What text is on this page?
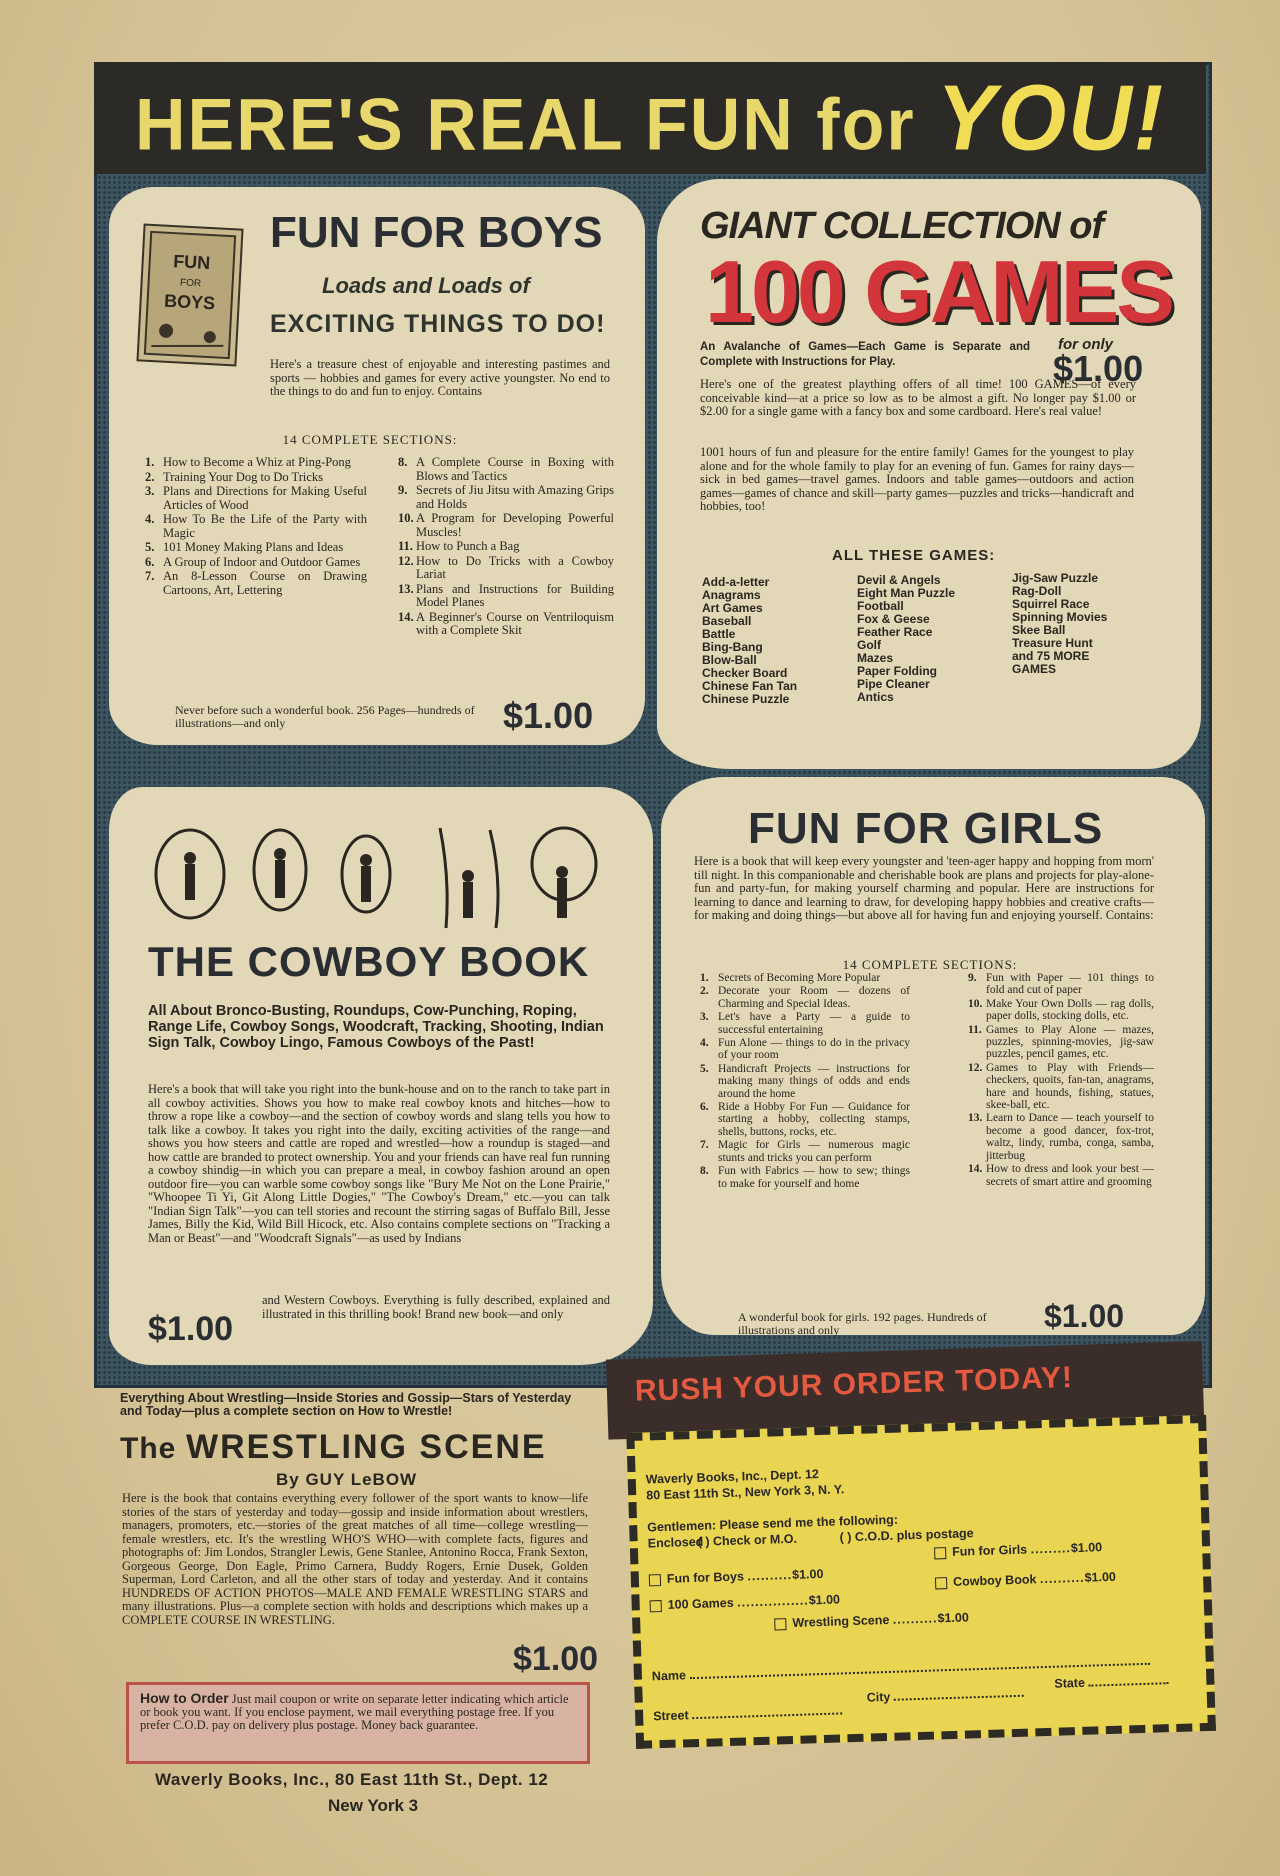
HERE'S REAL FUN for YOU!
FUN
FOR
BOYS
FUN FOR BOYS
Loads and Loads of
EXCITING THINGS TO DO!
Here's a treasure chest of enjoyable and interesting pastimes and sports — hobbies and games for every active youngster. No end to the things to do and fun to enjoy. Contains
14 COMPLETE SECTIONS:
1. How to Become a Whiz at Ping-Pong
2. Training Your Dog to Do Tricks
3. Plans and Directions for Making Useful Articles of Wood
4. How To Be the Life of the Party with Magic
5. 101 Money Making Plans and Ideas
6. A Group of Indoor and Outdoor Games
7. An 8-Lesson Course on Drawing Cartoons, Art, Lettering
8. A Complete Course in Boxing with Blows and Tactics
9. Secrets of Jiu Jitsu with Amazing Grips and Holds
10. A Program for Developing Powerful Muscles!
11. How to Punch a Bag
12. How to Do Tricks with a Cowboy Lariat
13. Plans and Instructions for Building Model Planes
14. A Beginner's Course on Ventriloquism with a Complete Skit
Never before such a wonderful book. 256 Pages—hundreds of illustrations—and only	$1.00
GIANT COLLECTION of
100 GAMES
An Avalanche of Games—Each Game is Separate and Complete with Instructions for Play.
for only
$1.00
Here's one of the greatest plaything offers of all time! 100 GAMES—of every conceivable kind—at a price so low as to be almost a gift. No longer pay $1.00 or $2.00 for a single game with a fancy box and some cardboard. Here's real value!
1001 hours of fun and pleasure for the entire family! Games for the youngest to play alone and for the whole family to play for an evening of fun. Games for rainy days—sick in bed games—travel games. Indoors and table games—outdoors and action games—games of chance and skill—party games—puzzles and tricks—handicraft and hobbies, too!
ALL THESE GAMES:
Add-a-letter
Anagrams
Art Games
Baseball
Battle
Bing-Bang
Blow-Ball
Checker Board
Chinese Fan Tan
Chinese Puzzle
Devil & Angels
Eight Man Puzzle
Football
Fox & Geese
Feather Race
Golf
Mazes
Paper Folding
Pipe Cleaner
Antics
Jig-Saw Puzzle
Rag-Doll
Squirrel Race
Spinning Movies
Skee Ball
Treasure Hunt
and 75 MORE
GAMES
THE COWBOY BOOK
All About Bronco-Busting, Roundups, Cow-Punching, Roping, Range Life, Cowboy Songs, Woodcraft, Tracking, Shooting, Indian Sign Talk, Cowboy Lingo, Famous Cowboys of the Past!
Here's a book that will take you right into the bunk-house and on to the ranch to take part in all cowboy activities. Shows you how to make real cowboy knots and hitches—how to throw a rope like a cowboy—and the section of cowboy words and slang tells you how to talk like a cowboy. It takes you right into the daily, exciting activities of the range—and shows you how steers and cattle are roped and wrestled—how a roundup is staged—and how cattle are branded to protect ownership. You and your friends can have real fun running a cowboy shindig—in which you can prepare a meal, in cowboy fashion around an open outdoor fire—you can warble some cowboy songs like "Bury Me Not on the Lone Prairie," "Whoopee Ti Yi, Git Along Little Dogies," "The Cowboy's Dream," etc.—you can talk "Indian Sign Talk"—you can tell stories and recount the stirring sagas of Buffalo Bill, Jesse James, Billy the Kid, Wild Bill Hicock, etc. Also contains complete sections on "Tracking a Man or Beast"—and "Woodcraft Signals"—as used by Indians
and Western Cowboys. Everything is fully described, explained and illustrated in this thrilling book! Brand new book—and only
$1.00
FUN FOR GIRLS
Here is a book that will keep every youngster and 'teen-ager happy and hopping from morn' till night. In this companionable and cherishable book are plans and projects for play-alone-fun and party-fun, for making yourself charming and popular. Here are instructions for learning to dance and learning to draw, for developing happy hobbies and creative crafts—for making and doing things—but above all for having fun and enjoying yourself. Contains:
14 COMPLETE SECTIONS:
1. Secrets of Becoming More Popular
2. Decorate your Room — dozens of Charming and Special Ideas.
3. Let's have a Party — a guide to successful entertaining
4. Fun Alone — things to do in the privacy of your room
5. Handicraft Projects — instructions for making many things of odds and ends around the home
6. Ride a Hobby For Fun — Guidance for starting a hobby, collecting stamps, shells, buttons, rocks, etc.
7. Magic for Girls — numerous magic stunts and tricks you can perform
8. Fun with Fabrics — how to sew; things to make for yourself and home
9. Fun with Paper — 101 things to fold and cut of paper
10. Make Your Own Dolls — rag dolls, paper dolls, stocking dolls, etc.
11. Games to Play Alone — mazes, puzzles, spinning-movies, jig-saw puzzles, pencil games, etc.
12. Games to Play with Friends—checkers, quoits, fan-tan, anagrams, hare and hounds, fishing, statues, skee-ball, etc.
13. Learn to Dance — teach yourself to become a good dancer, fox-trot, waltz, lindy, rumba, conga, samba, jitterbug
14. How to dress and look your best — secrets of smart attire and grooming
A wonderful book for girls. 192 pages. Hundreds of illustrations and only	$1.00
Everything About Wrestling—Inside Stories and Gossip—Stars of Yesterday and Today—plus a complete section on How to Wrestle!
The WRESTLING SCENE
By GUY LeBOW
Here is the book that contains everything every follower of the sport wants to know—life stories of the stars of yesterday and today—gossip and inside information about wrestlers, managers, promoters, etc.—stories of the great matches of all time—college wrestling—female wrestlers, etc. It's the wrestling WHO'S WHO—with complete facts, figures and photographs of: Jim Londos, Strangler Lewis, Gene Stanlee, Antonino Rocca, Frank Sexton, Gorgeous George, Don Eagle, Primo Carnera, Buddy Rogers, Ernie Dusek, Golden Superman, Lord Carleton, and all the other stars of today and yesterday. And it contains HUNDREDS OF ACTION PHOTOS—MALE AND FEMALE WRESTLING STARS and many illustrations. Plus—a complete section with holds and descriptions which makes up a COMPLETE COURSE IN WRESTLING.
$1.00
How to Order Just mail coupon or write on separate letter indicating which article or book you want. If you enclose payment, we mail everything postage free. If you prefer C.O.D. pay on delivery plus postage. Money back guarantee.
Waverly Books, Inc., 80 East 11th St., Dept. 12
New York 3
RUSH YOUR ORDER TODAY!
Waverly Books, Inc., Dept. 12
80 East 11th St., New York 3, N. Y.
Gentlemen: Please send me the following:
Enclosed
( ) Check or M.O.	( ) C.O.D. plus postage
Fun for Boys ..........$1.00
Fun for Girls .........$1.00
100 Games ................$1.00
Cowboy Book ..........$1.00
Wrestling Scene ..........$1.00
Name
Street
City
State
